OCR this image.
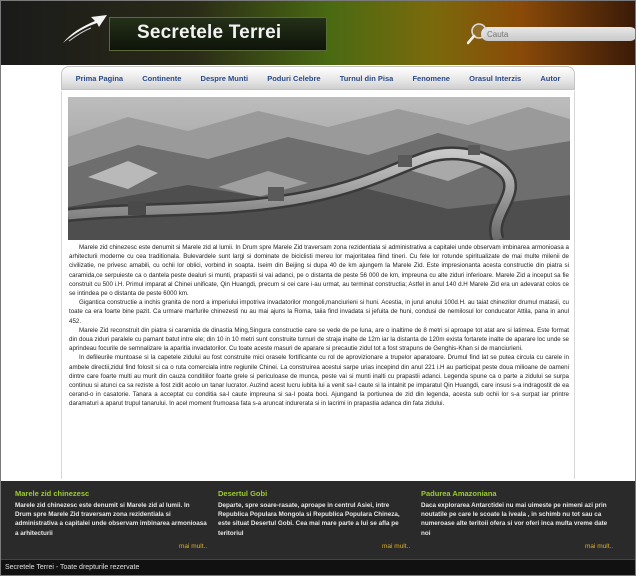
Secretele Terrei
Cauta
Prima Pagina	Continente	Despre Munti	Poduri Celebre	Turnul din Pisa	Fenomene	Orasul Interzis	Autor

Marele zid chinezesc este denumit si Marele zid al lumii. In Drum spre Marele Zid traversam zona rezidentiala si administrativa a capitalei unde observam imbinarea armonioasa a arhitecturii moderne cu cea traditionala. Bulevardele sunt largi si dominate de biciclisti mereu lor majoritatea fiind tineri. Cu fele lor rotunde spiritualizate de mai multe milenii de civilizatie, ne privesc amabili, cu ochii lor oblici, vorbind in soapta. Iseim din Beijing si dupa 40 de km ajungem la Marele Zid. Este impresionanta acesta constructie din piatra si caramida,ce serpuieste ca o dantela peste dealuri si munti, prapastii si vai adanci, pe o distanta de peste 56 000 de km, impreuna cu alte ziduri inferioare. Marele Zid a inceput sa fie construit cu 500 i.H. Primul imparat al Chinei unificate, Qin Huangdi, precum si cei care i-au urmat, au terminat constructia; Astfel in anul 140 d.H Marele Zid era un adevarat colos ce se intindea pe o distanta de peste 6000 km.

Gigantica constructie a inchis granita de nord a imperiului impotriva invadatorilor mongoli,manciurieni si huni. Acestia, in jurul anului 100d.H. au taiat chinezilor drumul matasii, cu toate ca era foarte bine pazit. Ca urmare marfurile chinezesti nu au mai ajuns la Roma, taiia find invadata si jefuita de huni, condusi de nemilosul lor conducator Attila, pana in anul 452.

Marele Zid reconstruit din piatra si caramida de dinastia Ming,Singura constructie care se vede de pe luna, are o inaltime de 8 metri si aproape tot atat are si latimea. Este format din doua ziduri paralele cu pamant batut intre ele; din 10 in 10 metri sunt construite turnuri de straja inalte de 12m iar la distanta de 120m exista fortarete inalte de aparare loc unde se aprindeau focurile de semnalizare la aparitia invadatorilor. Cu toate aceste masuri de aparare si precautie zidul tot a fost strapuns de Genghis-Khan si de manciurieni.

In defileurile muntoase si la capetele zidului au fost construite mici orasele fortificante cu rol de aprovizionare a trupelor aparatoare. Drumul find lat se putea circula cu carele in ambele directii,zidul find folosit si ca o ruta comerciala intre regiunile Chinei. La construirea acestui sarpe urias incepind din anul 221 i.H au participat peste doua milioane de oameni dintre care foarte multi au murit din cauza conditiilor foarte grele si periculoase de munca, peste vai si munti inalti cu prapastii adanci. Legenda spune ca o parte a zidului se surpa continuu si atunci ca sa reziste a fost zidit acolo un tanar lucrator. Auzind acest lucru iubita lui a venit sa-l caute si la intalnit pe imparatul Qin Huangdi, care insusi s-a indragostit de ea cerand-o in casatorie. Tanara a acceptat cu conditia sa-l caute impreuna si sa-l poata boci. Ajungand la portiunea de zid din legenda, acesta sub ochii lor s-a surpat iar printre daramaturi a aparut trupul tanarului. In acel moment frumoasa fata s-a aruncat indurerata si in lacrimi in prapastia adanca din fata zidului.

Marele zid chinezesc
Marele zid chinezesc este denumit si Marele zid al lumii. In Drum spre Marele Zid traversam zona rezidentiala si administrativa a capitalei unde observam imbinarea armonioasa a arhitecturii
mai mult..
Desertul Gobi
Departe, spre soare-rasate, aproape in centrul Asiei, intre Republica Populara Mongola si Republica Populara Chineza, este situat Desertul Gobi. Cea mai mare parte a lui se afla pe teritoriul
mai mult..
Padurea Amazoniana
Daca explorarea Antarctidei nu mai uimeste pe nimeni azi prin noutatile pe care le scoate la iveala , in schimb nu tot sau ca numeroase alte teritoii ofera si vor oferi inca multa vreme date noi
mai mult..
Secretele Terrei - Toate drepturile rezervate
